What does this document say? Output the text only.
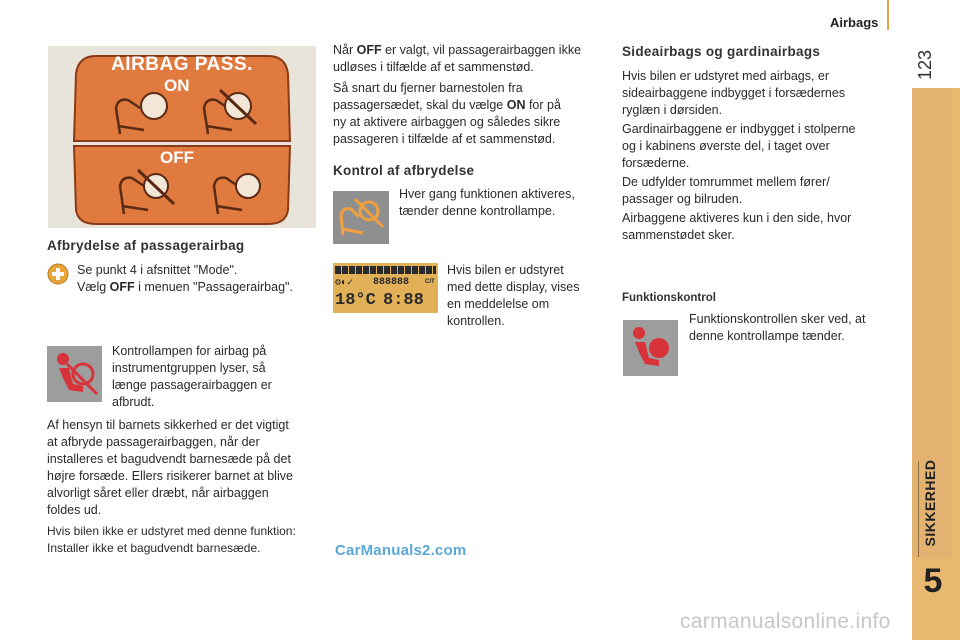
Airbags
123
SIKKERHED
5
AIRBAG PASS.
ON
OFF
Afbrydelse af passagerairbag
Se punkt 4 i afsnittet "Mode".
Vælg OFF i menuen "Passagerairbag".
Kontrollampen for airbag på
instrumentgruppen lyser, så
længe passagerairbaggen er
afbrudt.
Af hensyn til barnets sikkerhed er det vigtigt
at afbryde passagerairbaggen, når der
installeres et bagudvendt barnesæde på det
højre forsæde. Ellers risikerer barnet at blive
alvorligt såret eller dræbt, når airbaggen
foldes ud.
Hvis bilen ikke er udstyret med denne funktion:
Installer ikke et bagudvendt barnesæde.
Når OFF er valgt, vil passagerairbaggen ikke
udløses i tilfælde af et sammenstød.
Så snart du fjerner barnestolen fra
passagersædet, skal du vælge ON for på
ny at aktivere airbaggen og således sikre
passageren i tilfælde af et sammenstød.
Kontrol af afbrydelse
Hver gang funktionen aktiveres,
tænder denne kontrollampe.
⚙◐✓ 888888	CIT
18°C 8:88
Hvis bilen er udstyret
med dette display, vises
en meddelelse om
kontrollen.
Sideairbags og gardinairbags
Hvis bilen er udstyret med airbags, er
sideairbaggene indbygget i forsædernes
ryglæn i dørsiden.
Gardinairbaggene er indbygget i stolperne
og i kabinens øverste del, i taget over
forsæderne.
De udfylder tomrummet mellem fører/
passager og bilruden.
Airbaggene aktiveres kun i den side, hvor
sammenstødet sker.
Funktionskontrol
Funktionskontrollen sker ved, at
denne kontrollampe tænder.
CarManuals2.com
carmanualsonline.info
